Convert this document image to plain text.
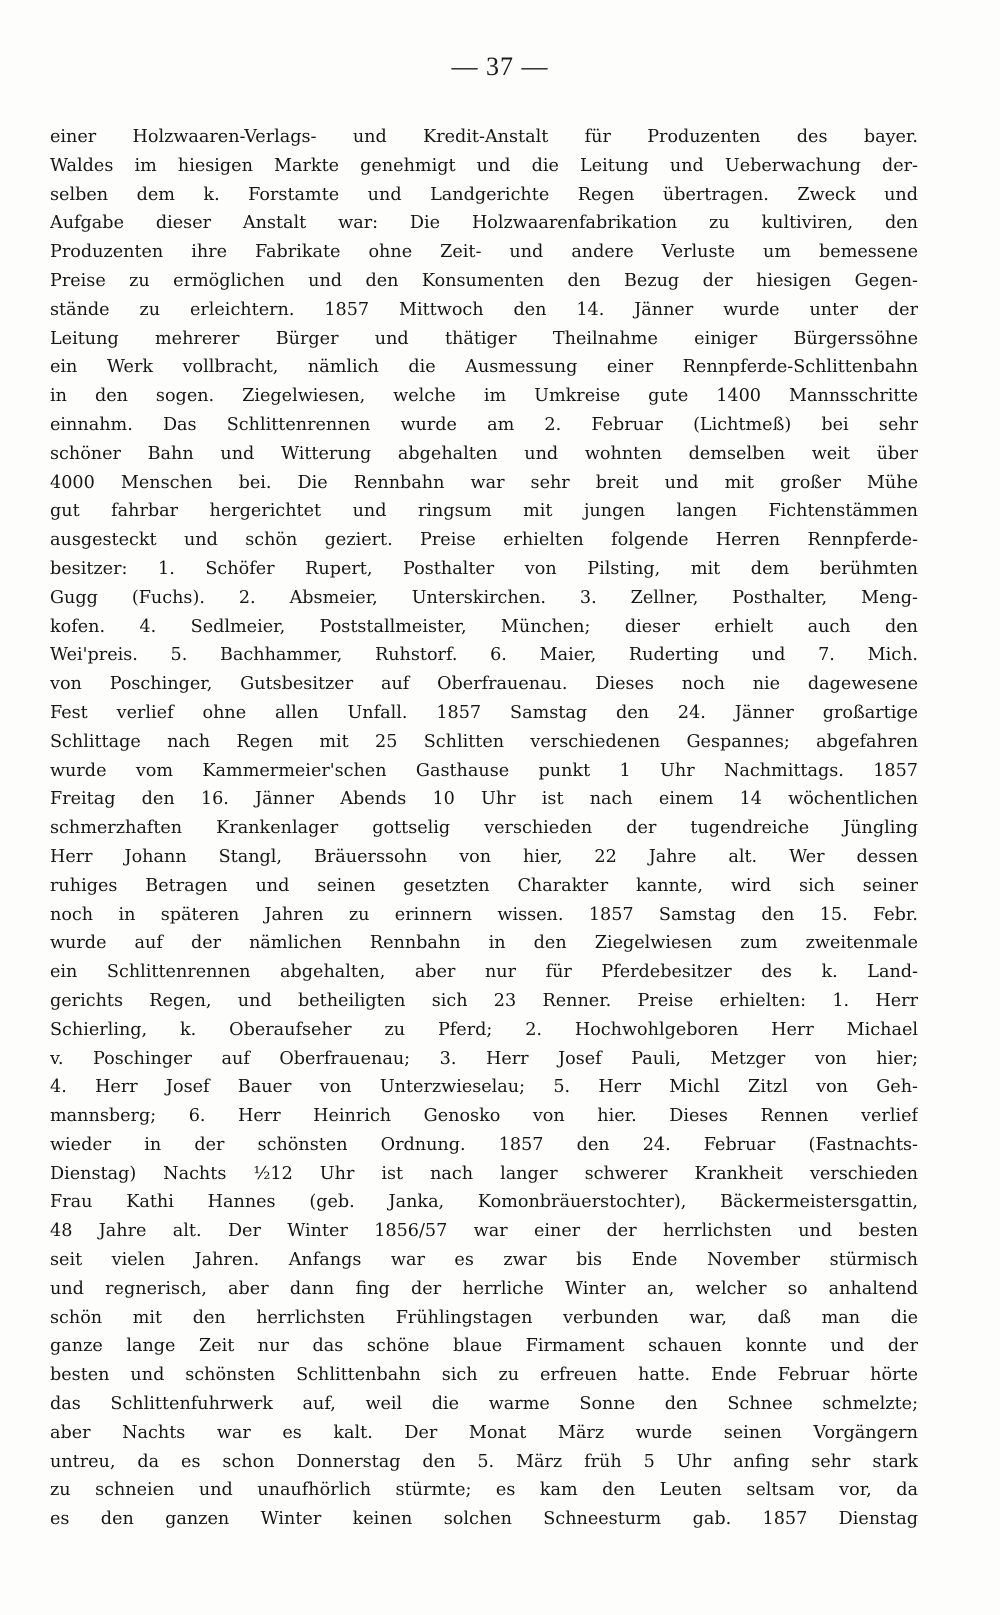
— 37 —
einer Holzwaaren-Verlags- und Kredit-Anstalt für Produzenten des bayer.
Waldes im hiesigen Markte genehmigt und die Leitung und Ueberwachung der-
selben dem k. Forstamte und Landgerichte Regen übertragen. Zweck und
Aufgabe dieser Anstalt war: Die Holzwaarenfabrikation zu kultiviren, den
Produzenten ihre Fabrikate ohne Zeit- und andere Verluste um bemessene
Preise zu ermöglichen und den Konsumenten den Bezug der hiesigen Gegen-
stände zu erleichtern. 1857 Mittwoch den 14. Jänner wurde unter der
Leitung mehrerer Bürger und thätiger Theilnahme einiger Bürgerssöhne
ein Werk vollbracht, nämlich die Ausmessung einer Rennpferde-Schlittenbahn
in den sogen. Ziegelwiesen, welche im Umkreise gute 1400 Mannsschritte
einnahm. Das Schlittenrennen wurde am 2. Februar (Lichtmeß) bei sehr
schöner Bahn und Witterung abgehalten und wohnten demselben weit über
4000 Menschen bei. Die Rennbahn war sehr breit und mit großer Mühe
gut fahrbar hergerichtet und ringsum mit jungen langen Fichtenstämmen
ausgesteckt und schön geziert. Preise erhielten folgende Herren Rennpferde-
besitzer: 1. Schöfer Rupert, Posthalter von Pilsting, mit dem berühmten
Gugg (Fuchs). 2. Absmeier, Unterskirchen. 3. Zellner, Posthalter, Meng-
kofen. 4. Sedlmeier, Poststallmeister, München; dieser erhielt auch den
Wei'preis. 5. Bachhammer, Ruhstorf. 6. Maier, Ruderting und 7. Mich.
von Poschinger, Gutsbesitzer auf Oberfrauenau. Dieses noch nie dagewesene
Fest verlief ohne allen Unfall. 1857 Samstag den 24. Jänner großartige
Schlittage nach Regen mit 25 Schlitten verschiedenen Gespannes; abgefahren
wurde vom Kammermeier'schen Gasthause punkt 1 Uhr Nachmittags. 1857
Freitag den 16. Jänner Abends 10 Uhr ist nach einem 14 wöchentlichen
schmerzhaften Krankenlager gottselig verschieden der tugendreiche Jüngling
Herr Johann Stangl, Bräuerssohn von hier, 22 Jahre alt. Wer dessen
ruhiges Betragen und seinen gesetzten Charakter kannte, wird sich seiner
noch in späteren Jahren zu erinnern wissen. 1857 Samstag den 15. Febr.
wurde auf der nämlichen Rennbahn in den Ziegelwiesen zum zweitenmale
ein Schlittenrennen abgehalten, aber nur für Pferdebesitzer des k. Land-
gerichts Regen, und betheiligten sich 23 Renner. Preise erhielten: 1. Herr
Schierling, k. Oberaufseher zu Pferd; 2. Hochwohlgeboren Herr Michael
v. Poschinger auf Oberfrauenau; 3. Herr Josef Pauli, Metzger von hier;
4. Herr Josef Bauer von Unterzwieselau; 5. Herr Michl Zitzl von Geh-
mannsberg; 6. Herr Heinrich Genosko von hier. Dieses Rennen verlief
wieder in der schönsten Ordnung. 1857 den 24. Februar (Fastnachts-
Dienstag) Nachts ½12 Uhr ist nach langer schwerer Krankheit verschieden
Frau Kathi Hannes (geb. Janka, Komonbräuerstochter), Bäckermeistersgattin,
48 Jahre alt. Der Winter 1856/57 war einer der herrlichsten und besten
seit vielen Jahren. Anfangs war es zwar bis Ende November stürmisch
und regnerisch, aber dann fing der herrliche Winter an, welcher so anhaltend
schön mit den herrlichsten Frühlingstagen verbunden war, daß man die
ganze lange Zeit nur das schöne blaue Firmament schauen konnte und der
besten und schönsten Schlittenbahn sich zu erfreuen hatte. Ende Februar hörte
das Schlittenfuhrwerk auf, weil die warme Sonne den Schnee schmelzte;
aber Nachts war es kalt. Der Monat März wurde seinen Vorgängern
untreu, da es schon Donnerstag den 5. März früh 5 Uhr anfing sehr stark
zu schneien und unaufhörlich stürmte; es kam den Leuten seltsam vor, da
es den ganzen Winter keinen solchen Schneesturm gab. 1857 Dienstag
